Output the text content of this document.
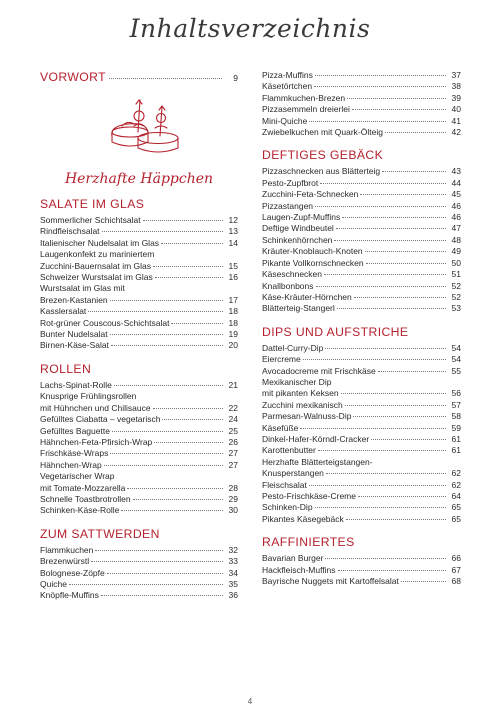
Inhaltsverzeichnis
VORWORT	9
Herzhafte Häppchen
SALATE IM GLAS
Sommerlicher Schichtsalat	12
Rindfleischsalat	13
Italienischer Nudelsalat im Glas	14
Laugenkonfekt zu mariniertem
Zucchini-Bauernsalat im Glas	15
Schweizer Wurstsalat im Glas	16
Wurstsalat im Glas mit
Brezen-Kastanien	17
Kasslersalat	18
Rot-grüner Couscous-Schichtsalat	18
Bunter Nudelsalat	19
Birnen-Käse-Salat	20
ROLLEN
Lachs-Spinat-Rolle	21
Knusprige Frühlingsrollen
mit Hühnchen und Chilisauce	22
Gefülltes Ciabatta – vegetarisch	24
Gefülltes Baguette	25
Hähnchen-Feta-Pfirsich-Wrap	26
Frischkäse-Wraps	27
Hähnchen-Wrap	27
Vegetarischer Wrap
mit Tomate-Mozzarella	28
Schnelle Toastbrotrollen	29
Schinken-Käse-Rolle	30
ZUM SATTWERDEN
Flammkuchen	32
Brezenwürstl	33
Bolognese-Zöpfe	34
Quiche	35
Knöpfle-Muffins	36
Pizza-Muffins	37
Käsetörtchen	38
Flammkuchen-Brezen	39
Pizzasemmeln dreierlei	40
Mini-Quiche	41
Zwiebelkuchen mit Quark-Ölteig	42
DEFTIGES GEBÄCK
Pizzaschnecken aus Blätterteig	43
Pesto-Zupfbrot	44
Zucchini-Feta-Schnecken	45
Pizzastangen	46
Laugen-Zupf-Muffins	46
Deftige Windbeutel	47
Schinkenhörnchen	48
Kräuter-Knoblauch-Knoten	49
Pikante Vollkornschnecken	50
Käseschnecken	51
Knallbonbons	52
Käse-Kräuter-Hörnchen	52
Blätterteig-Stangerl	53
DIPS UND AUFSTRICHE
Dattel-Curry-Dip	54
Eiercreme	54
Avocadocreme mit Frischkäse	55
Mexikanischer Dip
mit pikanten Keksen	56
Zucchini mexikanisch	57
Parmesan-Walnuss-Dip	58
Käsefüße	59
Dinkel-Hafer-Körndl-Cracker	61
Karottenbutter	61
Herzhafte Blätterteigstangen-
Knusperstangen	62
Fleischsalat	62
Pesto-Frischkäse-Creme	64
Schinken-Dip	65
Pikantes Käsegebäck	65
RAFFINIERTES
Bavarian Burger	66
Hackfleisch-Muffins	67
Bayrische Nuggets mit Kartoffelsalat	68
4
